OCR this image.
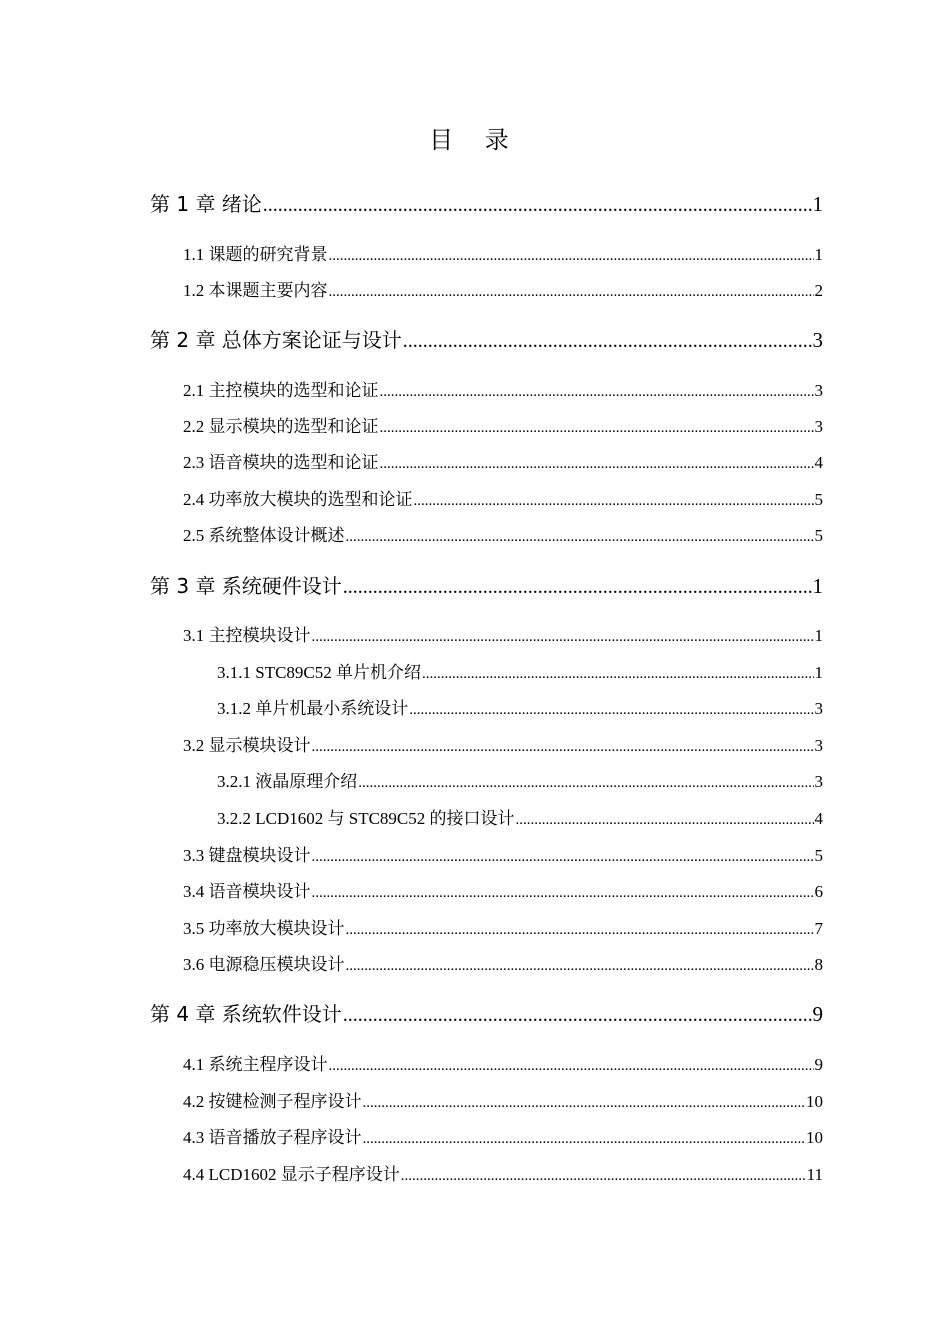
目 录
第 1 章 绪论 .....	1
1.1 课题的研究背景 .....	1
1.2 本课题主要内容 .....	2
第 2 章 总体方案论证与设计 .....	3
2.1 主控模块的选型和论证 .....	3
2.2 显示模块的选型和论证 .....	3
2.3 语音模块的选型和论证 .....	4
2.4 功率放大模块的选型和论证 .....	5
2.5 系统整体设计概述 .....	5
第 3 章 系统硬件设计 .....	1
3.1 主控模块设计 .....	1
3.1.1 STC89C52 单片机介绍 .....	1
3.1.2 单片机最小系统设计 .....	3
3.2 显示模块设计 .....	3
3.2.1 液晶原理介绍 .....	3
3.2.2 LCD1602 与 STC89C52 的接口设计 .....	4
3.3 键盘模块设计 .....	5
3.4 语音模块设计 .....	6
3.5 功率放大模块设计 .....	7
3.6 电源稳压模块设计 .....	8
第 4 章 系统软件设计 .....	9
4.1 系统主程序设计 .....	9
4.2 按键检测子程序设计 .....	10
4.3 语音播放子程序设计 .....	10
4.4 LCD1602 显示子程序设计 .....	11
